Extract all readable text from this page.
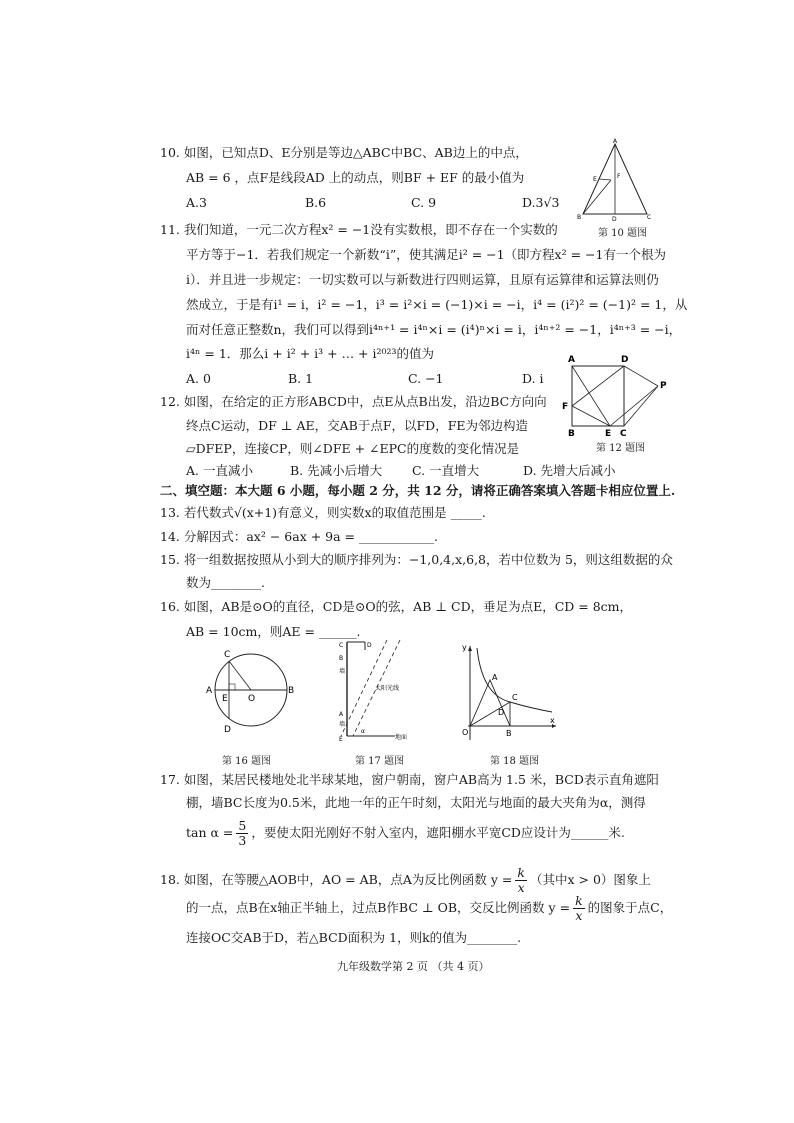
10. 如图，已知点D、E分别是等边△ABC中BC、AB边上的中点，
AB = 6 ，点F是线段AD 上的动点，则BF + EF 的最小值为
A.3	B.6	C. 9	D.3√3
A
B	C
D
E	F
第 10 题图
11. 我们知道，一元二次方程x² = −1没有实数根，即不存在一个实数的
平方等于−1．若我们规定一个新数“i”，使其满足i² = −1（即方程x² = −1有一个根为
i）．并且进一步规定：一切实数可以与新数进行四则运算，且原有运算律和运算法则仍
然成立，于是有i¹ = i，i² = −1，i³ = i²×i = (−1)×i = −i，i⁴ = (i²)² = (−1)² = 1，从
而对任意正整数n，我们可以得到i⁴ⁿ⁺¹ = i⁴ⁿ×i = (i⁴)ⁿ×i = i，i⁴ⁿ⁺² = −1，i⁴ⁿ⁺³ = −i，
i⁴ⁿ = 1．那么i + i² + i³ + … + i²⁰²³的值为
A. 0	B. 1	C. −1	D. i
A	D
P
F
B	E C
第 12 题图
12. 如图，在给定的正方形ABCD中，点E从点B出发，沿边BC方向向
终点C运动，DF ⊥ AE，交AB于点F，以FD，FE为邻边构造
▱DFEP，连接CP，则∠DFE + ∠EPC的度数的变化情况是
A. 一直减小	B. 先减小后增大 C. 一直增大	D. 先增大后减小
二、填空题：本大题 6 小题，每小题 2 分，共 12 分，请将正确答案填入答题卡相应位置上.
13. 若代数式√(x+1)有意义，则实数x的取值范围是 _____.
14. 分解因式：ax² − 6ax + 9a = ____________.
15. 将一组数据按照从小到大的顺序排列为：−1,0,4,x,6,8，若中位数为 5，则这组数据的众
数为________.
16. 如图，AB是⊙O的直径，CD是⊙O的弦，AB ⊥ CD，垂足为点E，CD = 8cm，
AB = 10cm，则AE = ______.
C
A
E O
B
D
第 16 题图
C	D
B
墙
A
墙
E
太阳光线
地面
α
第 17 题图
y
x
O
A
C
D
B
第 18 题图
17. 如图，某居民楼地处北半球某地，窗户朝南，窗户AB高为 1.5 米，BCD表示直角遮阳
棚，墙BC长度为0.5米，此地一年的正午时刻，太阳光与地面的最大夹角为α，测得
$\tan \alpha = \frac{5}{3}$ ，要使太阳光刚好不射入室内，遮阳棚水平宽CD应设计为______米.
18. 如图，在等腰△AOB中，AO = AB，点A为反比例函数 $y = \frac{k}{x}$ （其中x > 0）图象上
的一点，点B在x轴正半轴上，过点B作BC ⊥ OB，交反比例函数 $y = \frac{k}{x}$ 的图象于点C，
连接OC交AB于D，若△BCD面积为 1，则k的值为________.
九年级数学第 2 页 （共 4 页）
